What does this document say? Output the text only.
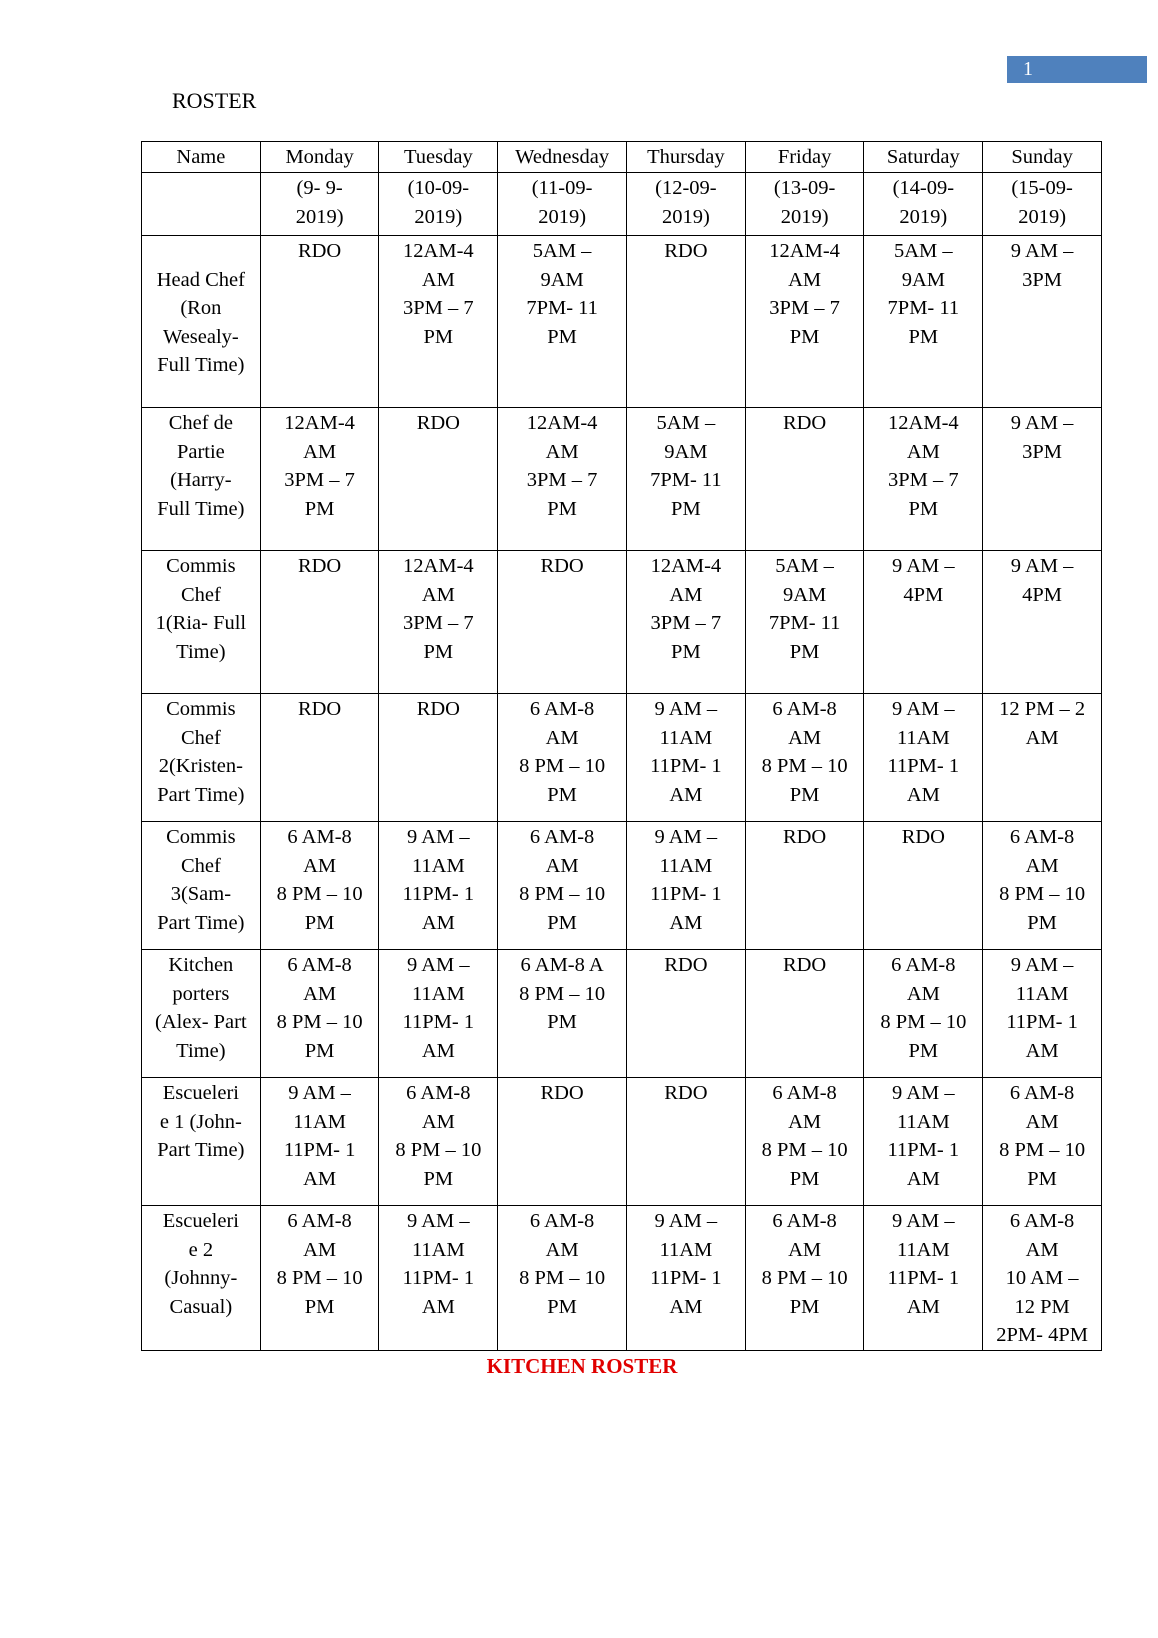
1
ROSTER
Name	Monday	Tuesday	Wednesday	Thursday	Friday	Saturday	Sunday
	(9- 9-
2019)	(10-09-
2019)	(11-09-
2019)	(12-09-
2019)	(13-09-
2019)	(14-09-
2019)	(15-09-
2019)

Head Chef
(Ron
Wesealy-
Full Time)	RDO	12AM-4
AM
3PM – 7
PM	5AM –
9AM
7PM- 11
PM	RDO	12AM-4
AM
3PM – 7
PM	5AM –
9AM
7PM- 11
PM	9 AM –
3PM
Chef de
Partie
(Harry-
Full Time)	12AM-4
AM
3PM – 7
PM	RDO	12AM-4
AM
3PM – 7
PM	5AM –
9AM
7PM- 11
PM	RDO	12AM-4
AM
3PM – 7
PM	9 AM –
3PM
Commis
Chef
1(Ria- Full
Time)	RDO	12AM-4
AM
3PM – 7
PM	RDO	12AM-4
AM
3PM – 7
PM	5AM –
9AM
7PM- 11
PM	9 AM –
4PM	9 AM –
4PM
Commis
Chef
2(Kristen-
Part Time)	RDO	RDO	6 AM-8
AM
8 PM – 10
PM	9 AM –
11AM
11PM- 1
AM	6 AM-8
AM
8 PM – 10
PM	9 AM –
11AM
11PM- 1
AM	12 PM – 2
AM
Commis
Chef
3(Sam-
Part Time)	6 AM-8
AM
8 PM – 10
PM	9 AM –
11AM
11PM- 1
AM	6 AM-8
AM
8 PM – 10
PM	9 AM –
11AM
11PM- 1
AM	RDO	RDO	6 AM-8
AM
8 PM – 10
PM
Kitchen
porters
(Alex- Part
Time)	6 AM-8
AM
8 PM – 10
PM	9 AM –
11AM
11PM- 1
AM	6 AM-8 A
8 PM – 10
PM	RDO	RDO	6 AM-8
AM
8 PM – 10
PM	9 AM –
11AM
11PM- 1
AM
Escueleri
e 1 (John-
Part Time)	9 AM –
11AM
11PM- 1
AM	6 AM-8
AM
8 PM – 10
PM	RDO	RDO	6 AM-8
AM
8 PM – 10
PM	9 AM –
11AM
11PM- 1
AM	6 AM-8
AM
8 PM – 10
PM
Escueleri
e 2
(Johnny-
Casual)	6 AM-8
AM
8 PM – 10
PM	9 AM –
11AM
11PM- 1
AM	6 AM-8
AM
8 PM – 10
PM	9 AM –
11AM
11PM- 1
AM	6 AM-8
AM
8 PM – 10
PM	9 AM –
11AM
11PM- 1
AM	6 AM-8
AM
10 AM –
12 PM
2PM- 4PM
KITCHEN ROSTER
